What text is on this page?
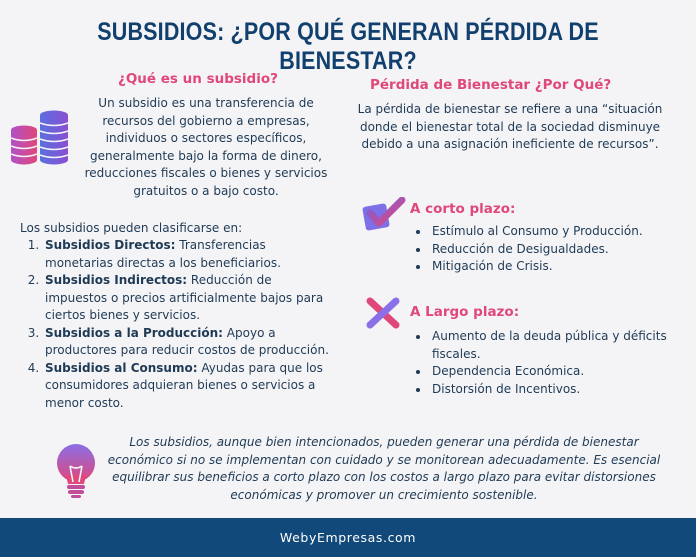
SUBSIDIOS: ¿POR QUÉ GENERAN PÉRDIDA DE BIENESTAR?
¿Qué es un subsidio?
Un subsidio es una transferencia de recursos del gobierno a empresas, individuos o sectores específicos, generalmente bajo la forma de dinero, reducciones fiscales o bienes y servicios gratuitos o a bajo costo.
Los subsidios pueden clasificarse en:
1. Subsidios Directos: Transferencias monetarias directas a los beneficiarios.
2. Subsidios Indirectos: Reducción de impuestos o precios artificialmente bajos para ciertos bienes y servicios.
3. Subsidios a la Producción: Apoyo a productores para reducir costos de producción.
4. Subsidios al Consumo: Ayudas para que los consumidores adquieran bienes o servicios a menor costo.
Pérdida de Bienestar ¿Por Qué?
La pérdida de bienestar se refiere a una “situación donde el bienestar total de la sociedad disminuye debido a una asignación ineficiente de recursos”.
A corto plazo:
• Estímulo al Consumo y Producción.
• Reducción de Desigualdades.
• Mitigación de Crisis.
A Largo plazo:
• Aumento de la deuda pública y déficits fiscales.
• Dependencia Económica.
• Distorsión de Incentivos.
Los subsidios, aunque bien intencionados, pueden generar una pérdida de bienestar económico si no se implementan con cuidado y se monitorean adecuadamente. Es esencial equilibrar sus beneficios a corto plazo con los costos a largo plazo para evitar distorsiones económicas y promover un crecimiento sostenible.
WebyEmpresas.com
